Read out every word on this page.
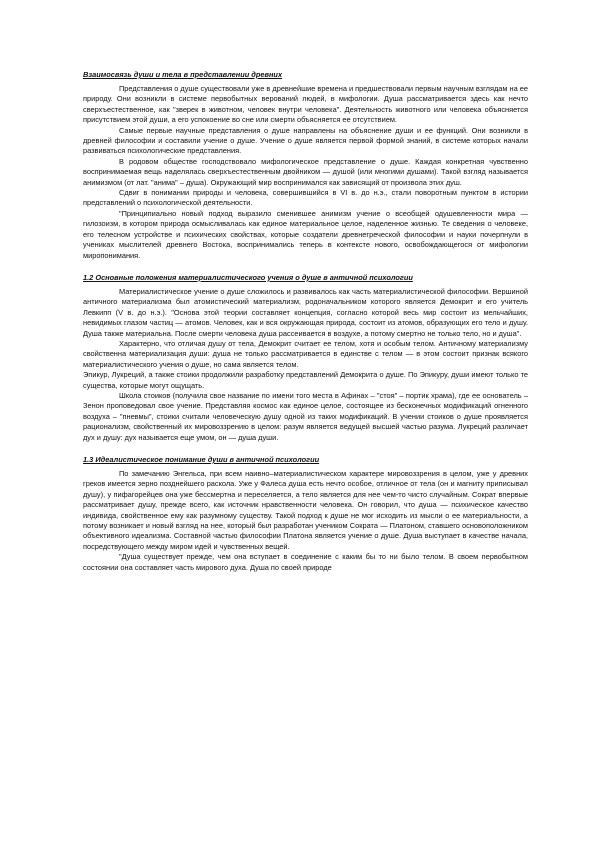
Взаимосвязь души и тела в представлении древних

Представления о душе существовали уже в древнейшие времена и предшествовали первым научным взглядам на ее природу. Они возникли в системе первобытных верований людей, в мифологии. Душа рассматривается здесь как нечто сверхъестественное, как "зверек в животном, человек внутри человека". Деятельность животного или человека объясняется присутствием этой души, а его успокоение во сне или смерти объясняется ее отсутствием.

Самые первые научные представления о душе направлены на объяснение души и ее функций. Они возникли в древней философии и составили учение о душе. Учение о душе является первой формой знаний, в системе которых начали развиваться психологические представления.

В родовом обществе господствовало мифологическое представление о душе. Каждая конкретная чувственно воспринимаемая вещь наделялась сверхъестественным двойником — душой (или многими душами). Такой взгляд называется анимизмом (от лат. "анима" – душа). Окружающий мир воспринимался как зависящий от произвола этих душ.

Сдвиг в понимании природы и человека, совершившийся в VI в. до н.э., стали поворотным пунктом в истории представлений о психологической деятельности.

"Принципиально новый подход выразило сменившее анимизм учение о всеобщей одушевленности мира — гилозоизм, в котором природа осмысливалась как единое материальное целое, наделенное жизнью. Те сведения о человеке, его телесном устройстве и психических свойствах, которые создатели древнегреческой философии и науки почерпнули в учениках мыслителей древнего Востока, воспринимались теперь в контексте нового, освобождающегося от мифологии миропонимания.

1.2 Основные положения материалистического учения о душе в античной психологии

Материалистическое учение о душе сложилось и развивалось как часть материалистической философии. Вершиной античного материализма был атомистический материализм, родоначальником которого является Демокрит и его учитель Левкипп (V в. до н.э.). "Основа этой теории составляет концепция, согласно которой весь мир состоит из мельчайших, невидимых глазом частиц — атомов. Человек, как и вся окружающая природа, состоит из атомов, образующих его тело и душу. Душа также материальна. После смерти человека душа рассеивается в воздухе, а потому смертно не только тело, но и душа".

Характерно, что отличая душу от тела, Демокрит считает ее телом, хотя и особым телом. Античному материализму свойственна материализация души: душа не только рассматривается в единстве с телом — в этом состоит признак всякого материалистического учения о душе, но сама является телом.

Эпикур, Лукреций, а также стоики продолжили разработку представлений Демокрита о душе. По Эпикуру, души имеют только те существа, которые могут ощущать.

Школа стоиков (получила свое название по имени того места в Афинах – "стоя" – портик храма), где ее основатель – Зенон проповедовал свое учение. Представляя космос как единое целое, состоящее из бесконечных модификаций огненного воздуха – "пневмы", стоики считали человеческую душу одной из таких модификаций. В учении стоиков о душе проявляется рационализм, свойственный их мировоззрению в целом: разум является ведущей высшей частью разума. Лукреций различает дух и душу: дух называется еще умом, он — душа души.

1.3 Идеалистическое понимание души в античной психологии

По замечанию Энгельса, при всем наивно–материалистическом характере мировоззрения в целом, уже у древних греков имеется зерно позднейшего раскола. Уже у Фалеса душа есть нечто особое, отличное от тела (он и магниту приписывал душу), у пифагорейцев она уже бессмертна и переселяется, а тело является для нее чем-то чисто случайным. Сократ впервые рассматривает душу, прежде всего, как источник нравственности человека. Он говорил, что душа — психическое качество индивида, свойственное ему как разумному существу. Такой подход к душе не мог исходить из мысли о ее материальности, а потому возникает и новый взгляд на нее, который был разработан учеником Сократа — Платоном, ставшего основоположником объективного идеализма. Составной частью философии Платона является учение о душе. Душа выступает в качестве начала, посредствующего между миром идей и чувственных вещей.

"Душа существует прежде, чем она вступает в соединение с каким бы то ни было телом. В своем первобытном состоянии она составляет часть мирового духа. Душа по своей природе
